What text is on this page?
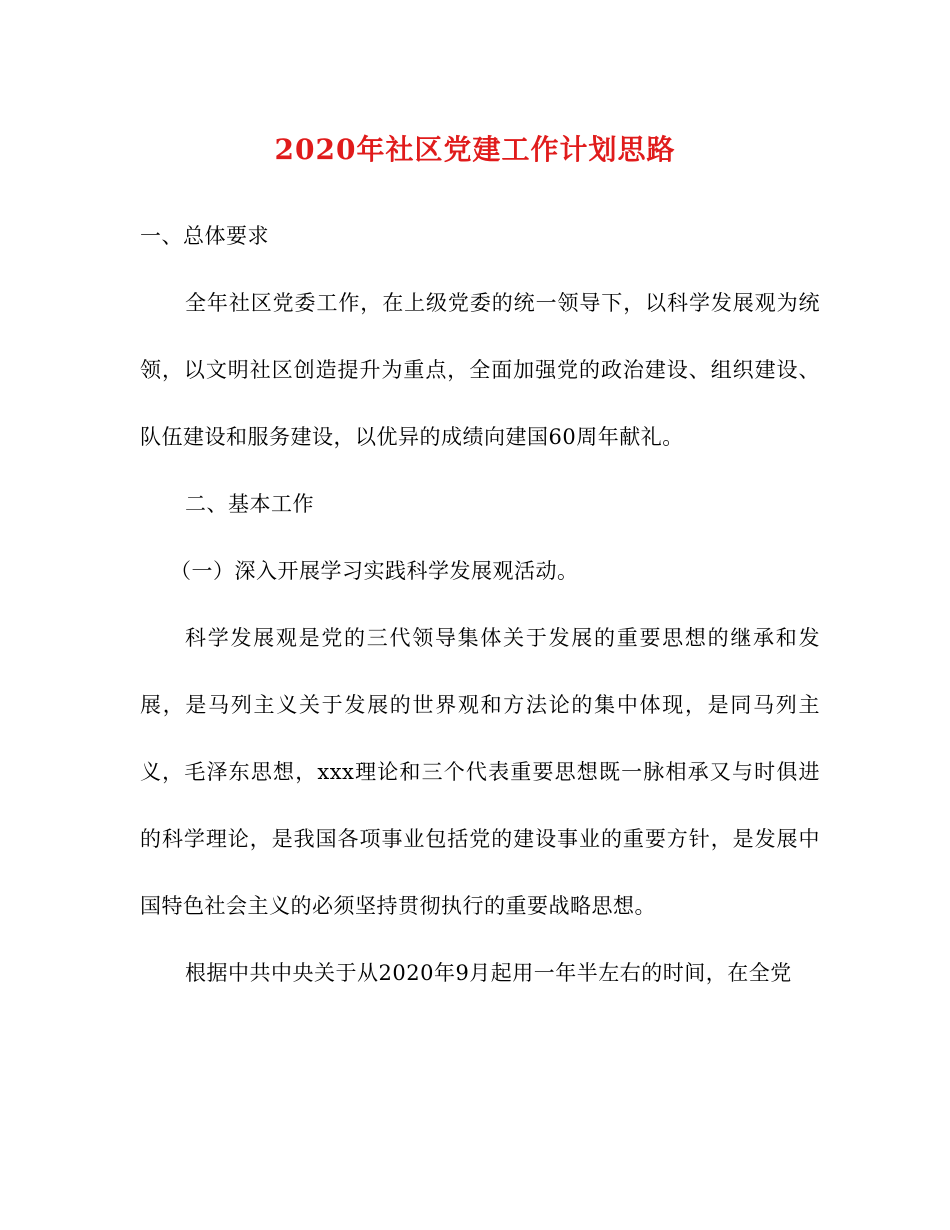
2020年社区党建工作计划思路

一、总体要求

全年社区党委工作，在上级党委的统一领导下，以科学发展观为统领，以文明社区创造提升为重点，全面加强党的政治建设、组织建设、队伍建设和服务建设，以优异的成绩向建国60周年献礼。

二、基本工作

（一）深入开展学习实践科学发展观活动。

科学发展观是党的三代领导集体关于发展的重要思想的继承和发展，是马列主义关于发展的世界观和方法论的集中体现，是同马列主义，毛泽东思想，xxx理论和三个代表重要思想既一脉相承又与时俱进的科学理论，是我国各项事业包括党的建设事业的重要方针，是发展中国特色社会主义的必须坚持贯彻执行的重要战略思想。

根据中共中央关于从2020年9月起用一年半左右的时间，在全党
